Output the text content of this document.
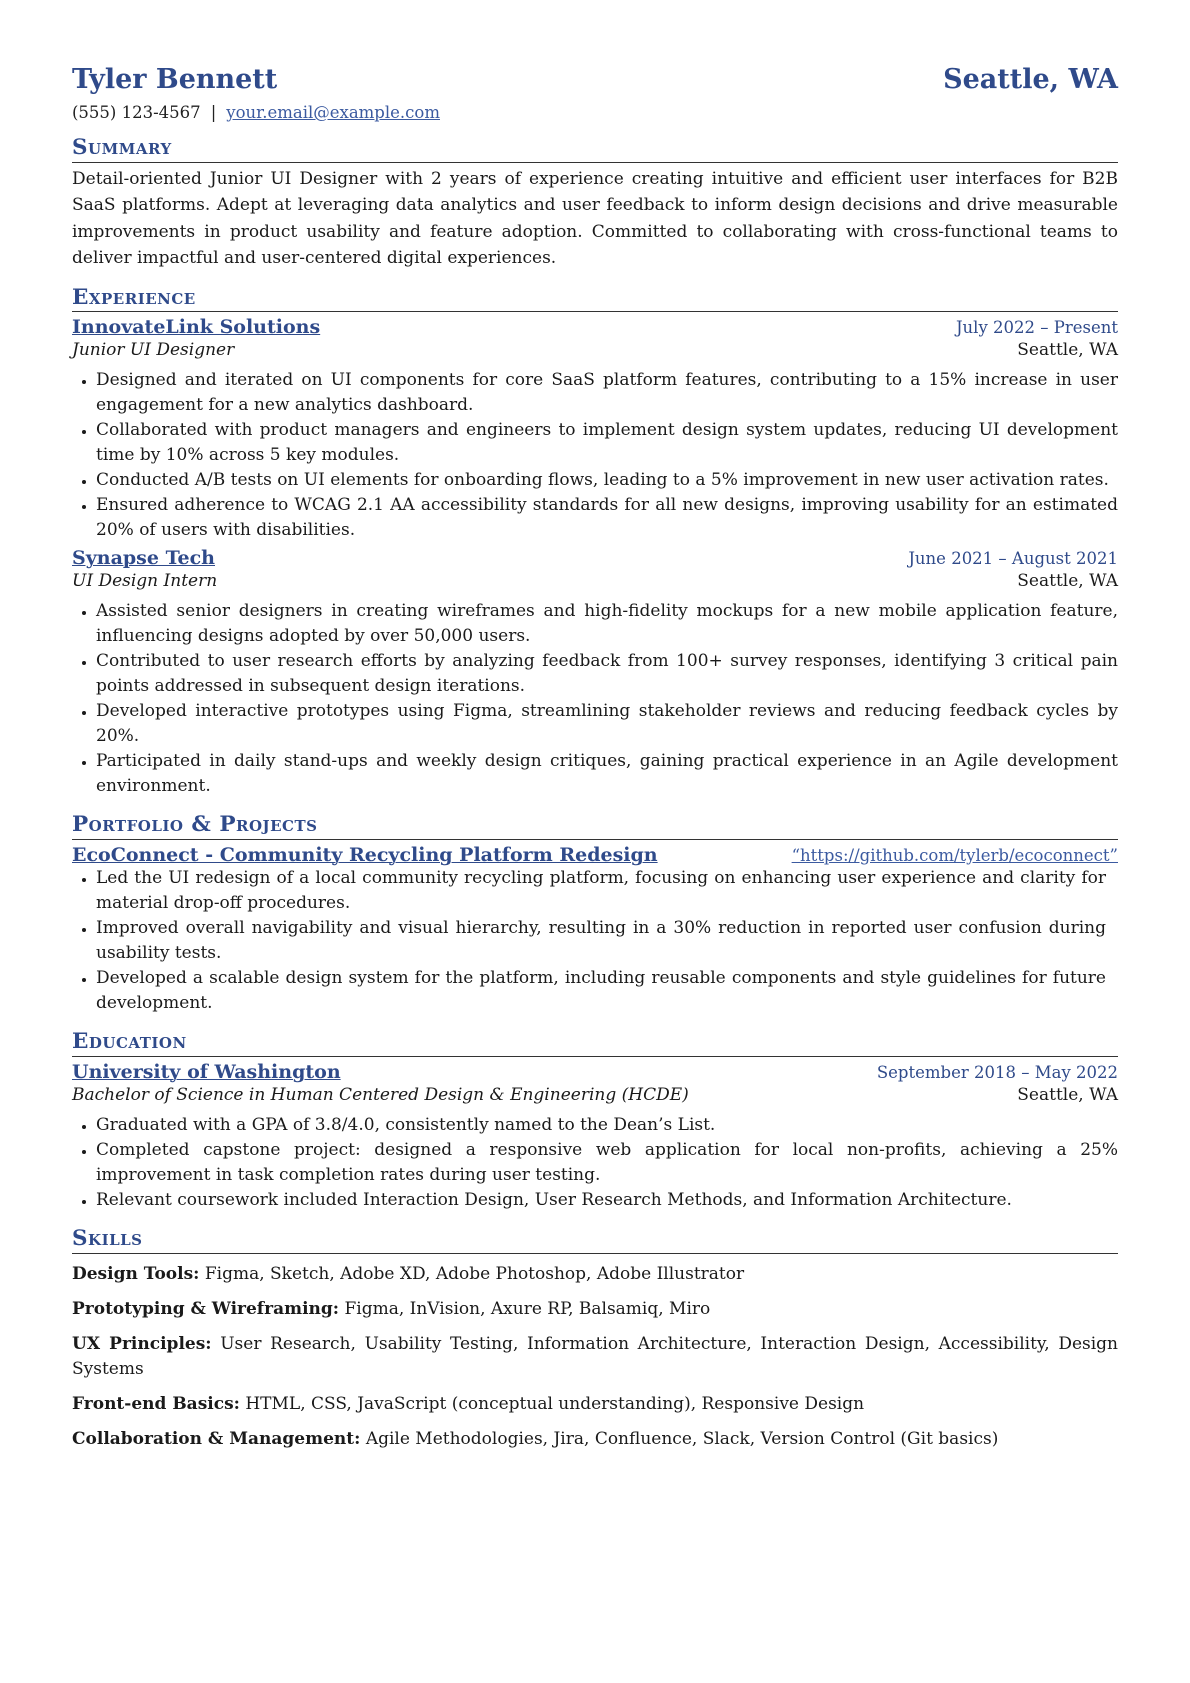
Tyler Bennett	Seattle, WA
(555) 123-4567 | your.email@example.com
Summary
Detail-oriented Junior UI Designer with 2 years of experience creating intuitive and efficient user interfaces for B2B SaaS platforms. Adept at leveraging data analytics and user feedback to inform design decisions and drive measurable improvements in product usability and feature adoption. Committed to collaborating with cross-functional teams to deliver impactful and user-centered digital experiences.
Experience
InnovateLink Solutions	July 2022 – Present
Junior UI Designer	Seattle, WA
• Designed and iterated on UI components for core SaaS platform features, contributing to a 15% increase in user engagement for a new analytics dashboard.
• Collaborated with product managers and engineers to implement design system updates, reducing UI development time by 10% across 5 key modules.
• Conducted A/B tests on UI elements for onboarding flows, leading to a 5% improvement in new user activation rates.
• Ensured adherence to WCAG 2.1 AA accessibility standards for all new designs, improving usability for an estimated 20% of users with disabilities.
Synapse Tech	June 2021 – August 2021
UI Design Intern	Seattle, WA
• Assisted senior designers in creating wireframes and high-fidelity mockups for a new mobile application feature, influencing designs adopted by over 50,000 users.
• Contributed to user research efforts by analyzing feedback from 100+ survey responses, identifying 3 critical pain points addressed in subsequent design iterations.
• Developed interactive prototypes using Figma, streamlining stakeholder reviews and reducing feedback cycles by 20%.
• Participated in daily stand-ups and weekly design critiques, gaining practical experience in an Agile development environment.
Portfolio & Projects
EcoConnect - Community Recycling Platform Redesign	“https://github.com/tylerb/ecoconnect”
• Led the UI redesign of a local community recycling platform, focusing on enhancing user experience and clarity for material drop-off procedures.
• Improved overall navigability and visual hierarchy, resulting in a 30% reduction in reported user confusion during usability tests.
• Developed a scalable design system for the platform, including reusable components and style guidelines for future development.
Education
University of Washington	September 2018 – May 2022
Bachelor of Science in Human Centered Design & Engineering (HCDE)	Seattle, WA
• Graduated with a GPA of 3.8/4.0, consistently named to the Dean’s List.
• Completed capstone project: designed a responsive web application for local non-profits, achieving a 25% improvement in task completion rates during user testing.
• Relevant coursework included Interaction Design, User Research Methods, and Information Architecture.
Skills
Design Tools: Figma, Sketch, Adobe XD, Adobe Photoshop, Adobe Illustrator
Prototyping & Wireframing: Figma, InVision, Axure RP, Balsamiq, Miro
UX Principles: User Research, Usability Testing, Information Architecture, Interaction Design, Accessibility, Design Systems
Front-end Basics: HTML, CSS, JavaScript (conceptual understanding), Responsive Design
Collaboration & Management: Agile Methodologies, Jira, Confluence, Slack, Version Control (Git basics)
